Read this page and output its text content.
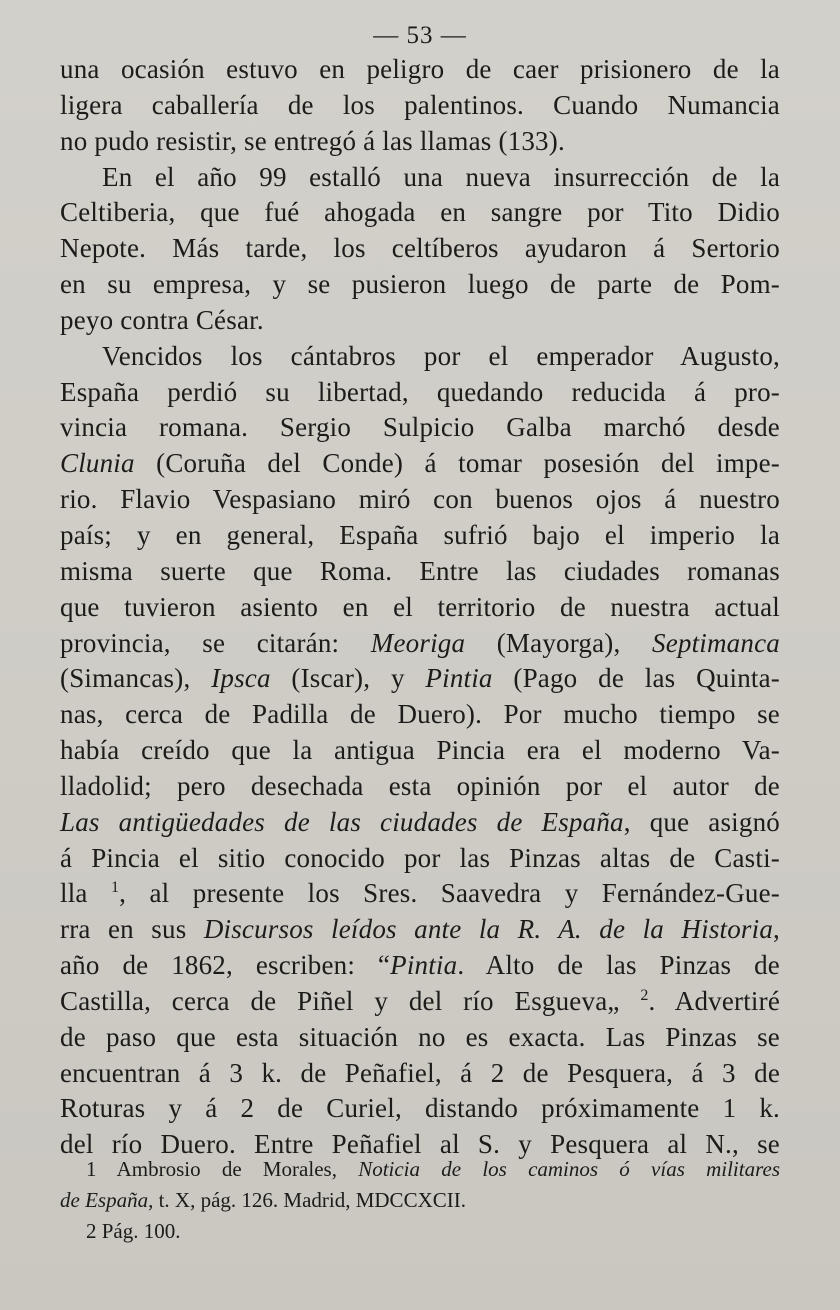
— 53 —
una ocasión estuvo en peligro de caer prisionero de la
ligera caballería de los palentinos. Cuando Numancia
no pudo resistir, se entregó á las llamas (133).
En el año 99 estalló una nueva insurrección de la
Celtiberia, que fué ahogada en sangre por Tito Didio
Nepote. Más tarde, los celtíberos ayudaron á Sertorio
en su empresa, y se pusieron luego de parte de Pom-
peyo contra César.
Vencidos los cántabros por el emperador Augusto,
España perdió su libertad, quedando reducida á pro-
vincia romana. Sergio Sulpicio Galba marchó desde
Clunia (Coruña del Conde) á tomar posesión del impe-
rio. Flavio Vespasiano miró con buenos ojos á nuestro
país; y en general, España sufrió bajo el imperio la
misma suerte que Roma. Entre las ciudades romanas
que tuvieron asiento en el territorio de nuestra actual
provincia, se citarán: Meoriga (Mayorga), Septimanca
(Simancas), Ipsca (Iscar), y Pintia (Pago de las Quinta-
nas, cerca de Padilla de Duero). Por mucho tiempo se
había creído que la antigua Pincia era el moderno Va-
lladolid; pero desechada esta opinión por el autor de
Las antigüedades de las ciudades de España, que asignó
á Pincia el sitio conocido por las Pinzas altas de Casti-
lla $^1$, al presente los Sres. Saavedra y Fernández-Gue-
rra en sus Discursos leídos ante la R. A. de la Historia,
año de 1862, escriben: “Pintia. Alto de las Pinzas de
Castilla, cerca de Piñel y del río Esgueva„ $^2$. Advertiré
de paso que esta situación no es exacta. Las Pinzas se
encuentran á 3 k. de Peñafiel, á 2 de Pesquera, á 3 de
Roturas y á 2 de Curiel, distando próximamente 1 k.
del río Duero. Entre Peñafiel al S. y Pesquera al N., se
1 Ambrosio de Morales, Noticia de los caminos ó vías militares
de España, t. X, pág. 126. Madrid, MDCCXCII.
2 Pág. 100.
